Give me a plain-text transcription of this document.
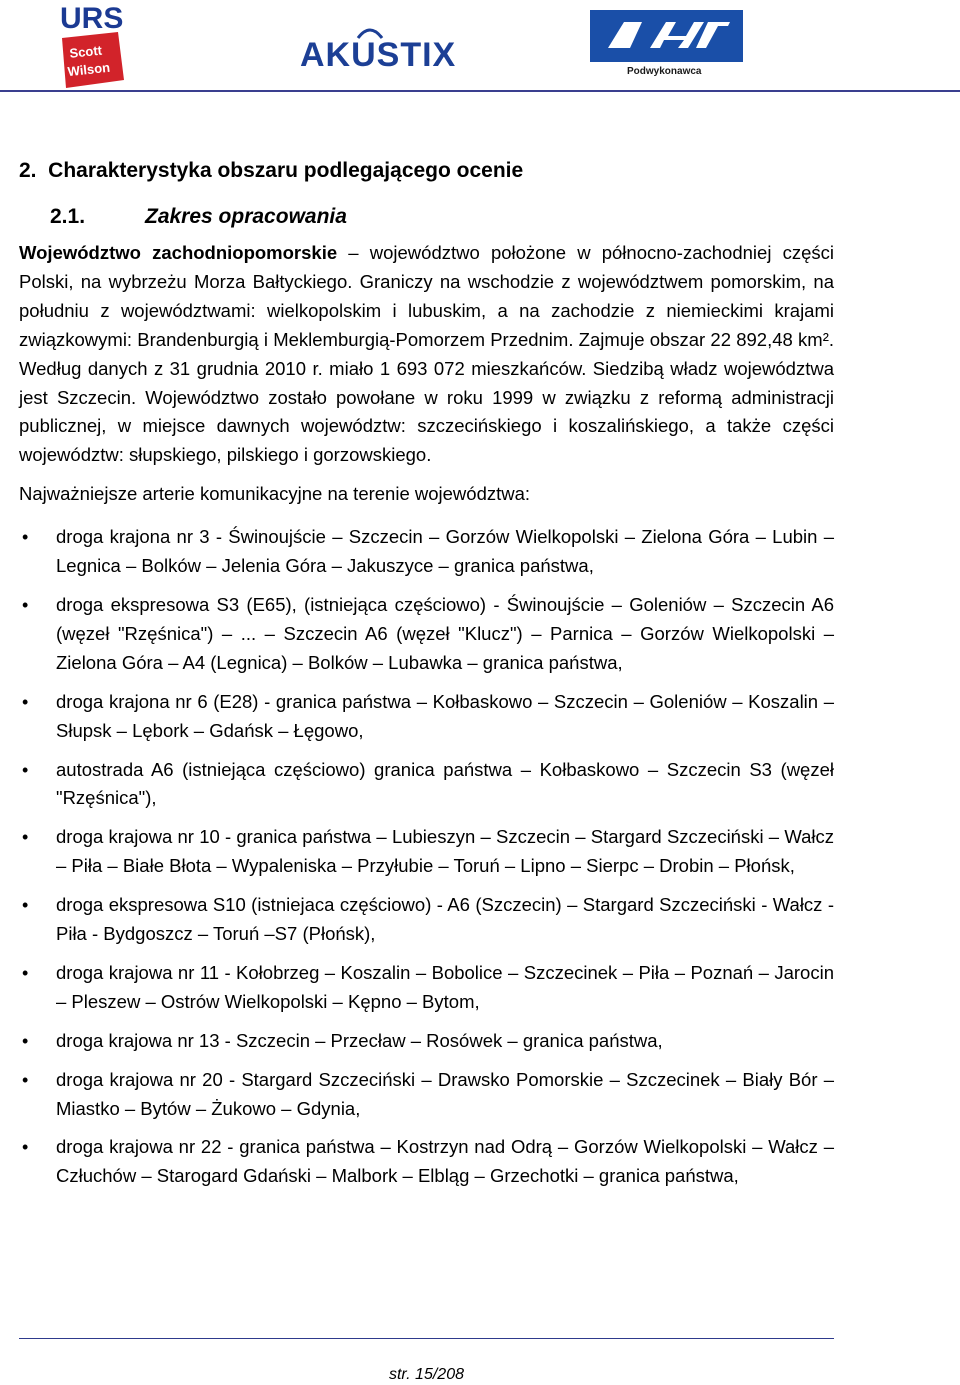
URS
Scott
Wilson	AKUSTIX	Podwykonawca
2.  Charakterystyka obszaru podlegającego ocenie
2.1.	Zakres opracowania

Województwo zachodniopomorskie – województwo położone w północno-zachodniej części Polski, na wybrzeżu Morza Bałtyckiego. Graniczy na wschodzie z województwem pomorskim, na południu z województwami: wielkopolskim i lubuskim, a na zachodzie z niemieckimi krajami związkowymi: Brandenburgią i Meklemburgią-Pomorzem Przednim. Zajmuje obszar 22 892,48 km². Według danych z 31 grudnia 2010 r. miało 1 693 072 mieszkańców. Siedzibą władz województwa jest Szczecin. Województwo zostało powołane w roku 1999 w związku z reformą administracji publicznej, w miejsce dawnych województw: szczecińskiego i koszalińskiego, a także części województw: słupskiego, pilskiego i gorzowskiego.

Najważniejsze arterie komunikacyjne na terenie województwa:

• droga krajona nr 3 - Świnoujście – Szczecin – Gorzów Wielkopolski – Zielona Góra – Lubin – Legnica – Bolków – Jelenia Góra – Jakuszyce – granica państwa,
• droga ekspresowa S3 (E65), (istniejąca częściowo) - Świnoujście – Goleniów – Szczecin A6 (węzeł "Rzęśnica") – ... – Szczecin A6 (węzeł "Klucz") – Parnica – Gorzów Wielkopolski – Zielona Góra – A4 (Legnica) – Bolków – Lubawka – granica państwa,
• droga krajona nr 6 (E28) - granica państwa – Kołbaskowo – Szczecin – Goleniów – Koszalin – Słupsk – Lębork – Gdańsk – Łęgowo,
• autostrada A6 (istniejąca częściowo) granica państwa – Kołbaskowo – Szczecin S3 (węzeł "Rzęśnica"),
• droga krajowa nr 10 - granica państwa – Lubieszyn – Szczecin – Stargard Szczeciński – Wałcz – Piła – Białe Błota – Wypaleniska – Przyłubie – Toruń – Lipno – Sierpc – Drobin – Płońsk,
• droga ekspresowa S10 (istniejaca częściowo) - A6 (Szczecin) – Stargard Szczeciński - Wałcz - Piła - Bydgoszcz – Toruń –S7 (Płońsk),
• droga krajowa nr 11 - Kołobrzeg – Koszalin – Bobolice – Szczecinek – Piła – Poznań – Jarocin – Pleszew – Ostrów Wielkopolski – Kępno – Bytom,
• droga krajowa nr 13 - Szczecin – Przecław – Rosówek – granica państwa,
• droga krajowa nr 20 - Stargard Szczeciński – Drawsko Pomorskie – Szczecinek – Biały Bór – Miastko – Bytów – Żukowo – Gdynia,
• droga krajowa nr 22 - granica państwa – Kostrzyn nad Odrą – Gorzów Wielkopolski – Wałcz – Człuchów – Starogard Gdański – Malbork – Elbląg – Grzechotki – granica państwa,
str. 15/208
